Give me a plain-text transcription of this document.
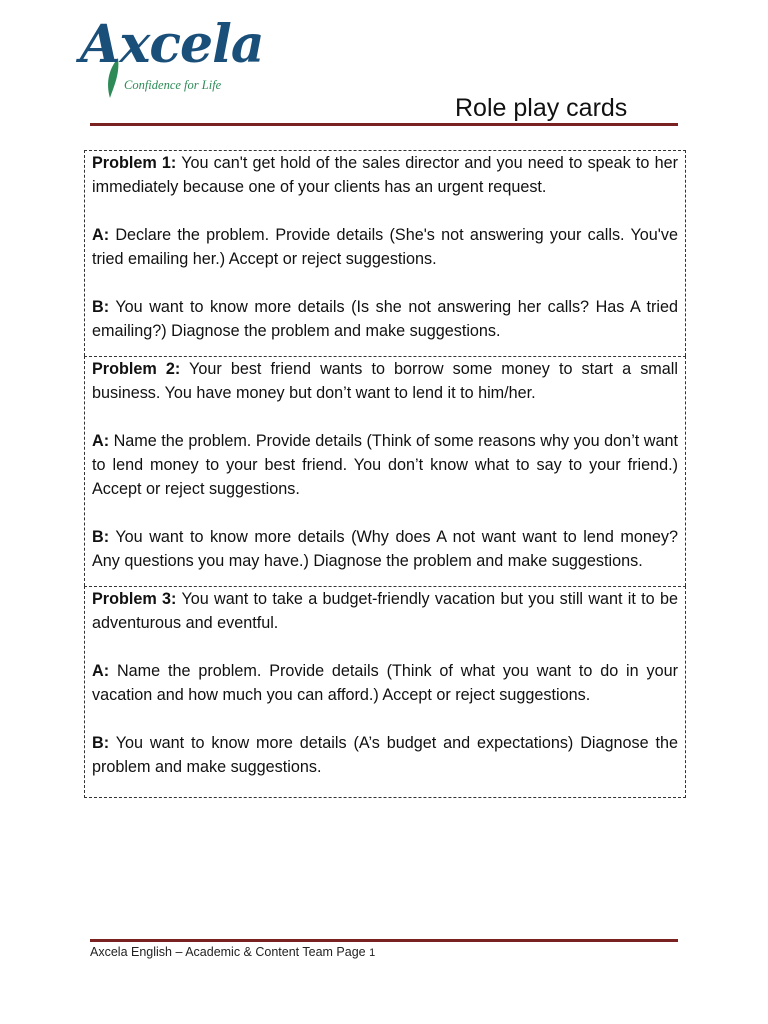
Axcela
Confidence for Life
Role play cards

Problem 1: You can't get hold of the sales director and you need to speak to her immediately because one of your clients has an urgent request.

A: Declare the problem. Provide details (She's not answering your calls. You've tried emailing her.) Accept or reject suggestions.

B: You want to know more details (Is she not answering her calls? Has A tried emailing?) Diagnose the problem and make suggestions.

Problem 2: Your best friend wants to borrow some money to start a small business. You have money but don’t want to lend it to him/her.

A: Name the problem. Provide details (Think of some reasons why you don’t want to lend money to your best friend. You don’t know what to say to your friend.) Accept or reject suggestions.

B: You want to know more details (Why does A not want want to lend money? Any questions you may have.) Diagnose the problem and make suggestions.

Problem 3: You want to take a budget-friendly vacation but you still want it to be adventurous and eventful.

A: Name the problem. Provide details (Think of what you want to do in your vacation and how much you can afford.) Accept or reject suggestions.

B: You want to know more details (A’s budget and expectations) Diagnose the problem and make suggestions.

Axcela English – Academic & Content Team Page 1
